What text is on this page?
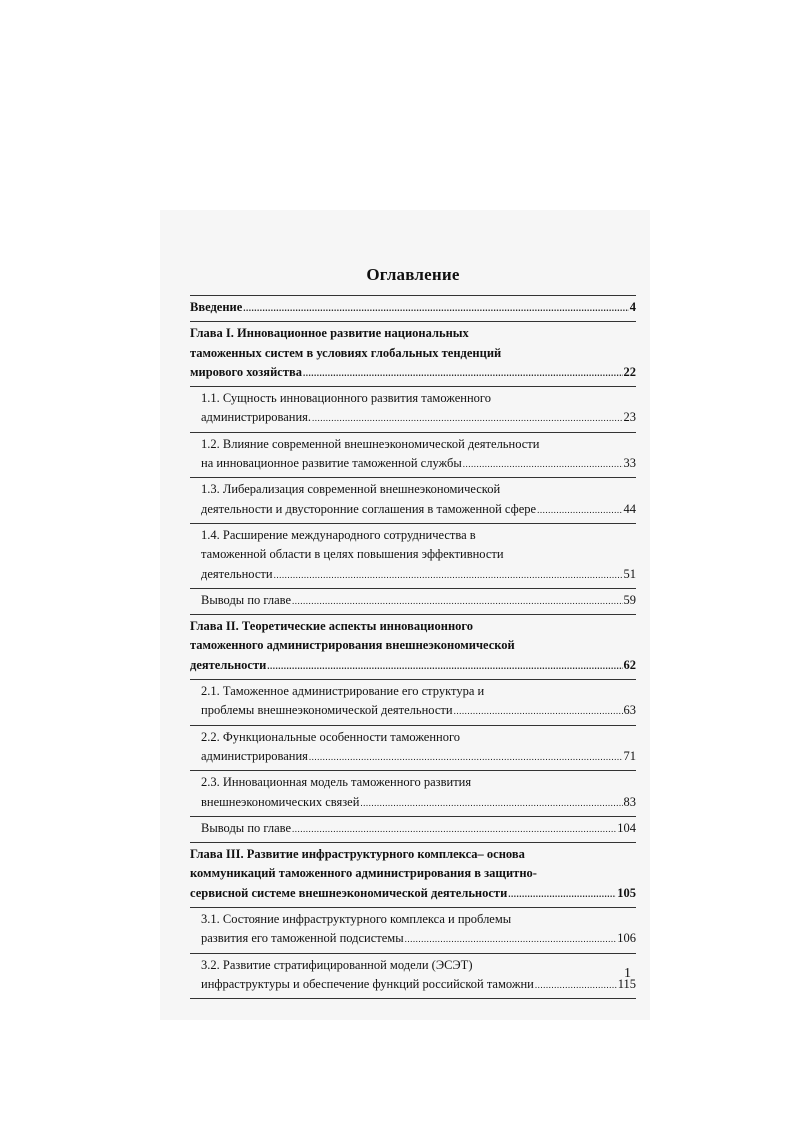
Оглавление
Введение .....	4
Глава I. Инновационное развитие национальных
таможенных систем в условиях глобальных тенденций
мирового хозяйства .....	22
1.1. Сущность инновационного развития таможенного
администрирования. .....	23
1.2. Влияние современной внешнеэкономической деятельности
на инновационное развитие таможенной службы .....	33
1.3. Либерализация современной внешнеэкономической
деятельности и двусторонние соглашения в таможенной сфере .....	44
1.4. Расширение международного сотрудничества в
таможенной области в целях повышения эффективности
деятельности .....	51
Выводы по главе .....	59
Глава II. Теоретические аспекты инновационного
таможенного администрирования внешнеэкономической
деятельности .....	62
2.1. Таможенное администрирование его структура и
проблемы внешнеэкономической деятельности .....	63
2.2. Функциональные особенности таможенного
администрирования .....	71
2.3. Инновационная модель таможенного развития
внешнеэкономических связей .....	83
Выводы по главе .....	104
Глава III. Развитие инфраструктурного комплекса– основа
коммуникаций таможенного администрирования в защитно-
сервисной системе внешнеэкономической деятельности .....	105
3.1. Состояние инфраструктурного комплекса и проблемы
развития его таможенной подсистемы .....	106
3.2. Развитие стратифицированной модели (ЭСЭТ)
инфраструктуры и обеспечение функций российской таможни .....	115
1
